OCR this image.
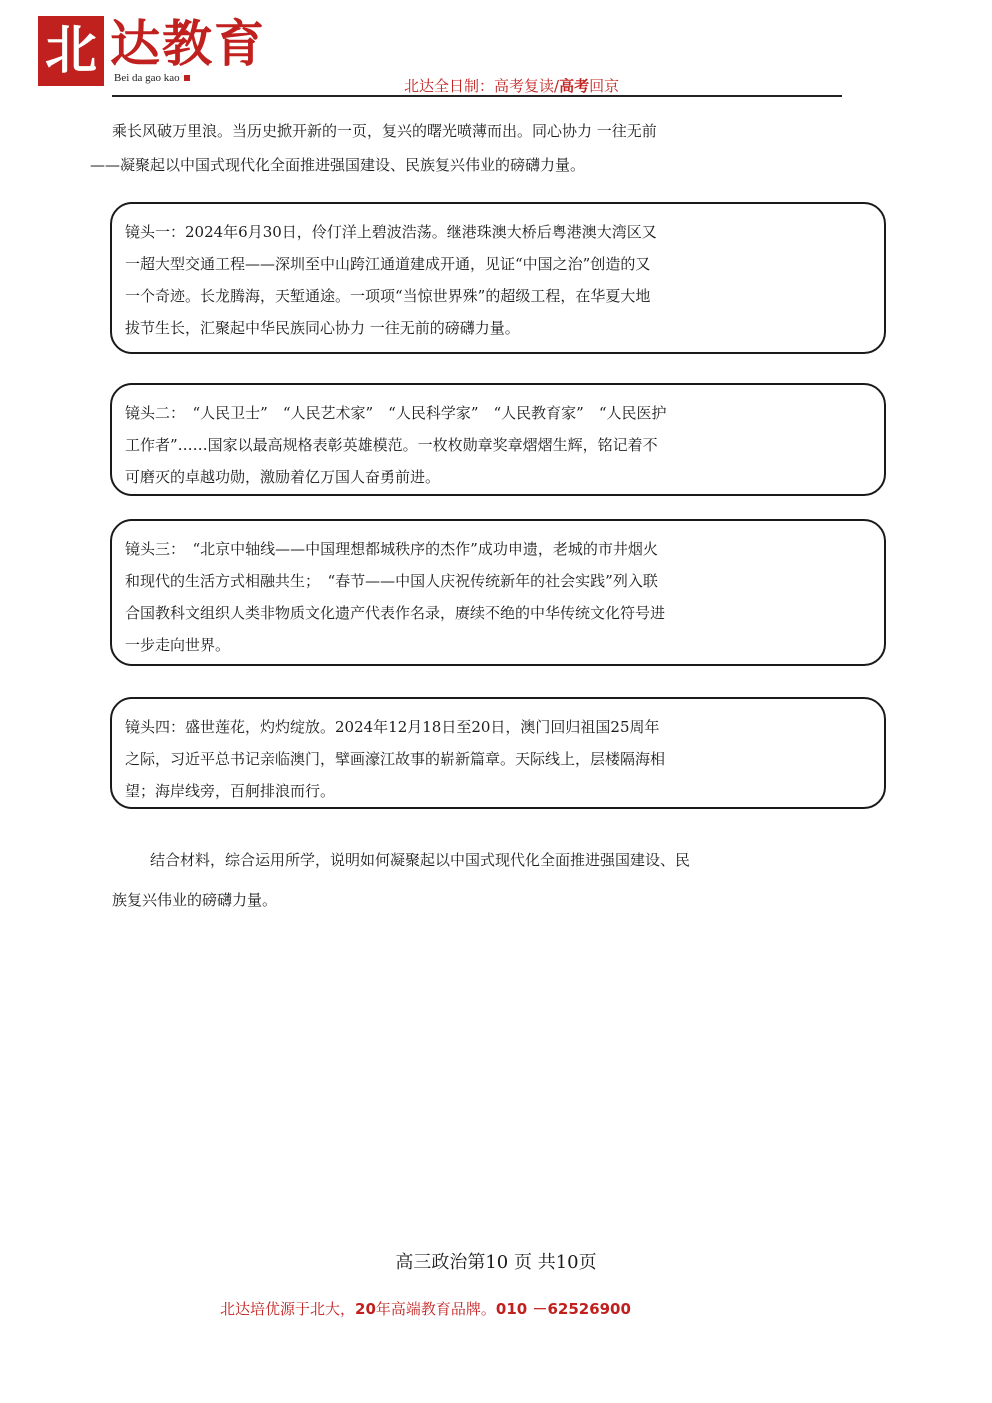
北 达教育
Bei da gao kao	北达全日制：高考复读/高考回京

乘长风破万里浪。当历史掀开新的一页，复兴的曙光喷薄而出。同心协力 一往无前

——凝聚起以中国式现代化全面推进强国建设、民族复兴伟业的磅礴力量。

镜头一：2024年6月30日，伶仃洋上碧波浩荡。继港珠澳大桥后粤港澳大湾区又

一超大型交通工程——深圳至中山跨江通道建成开通，见证“中国之治”创造的又

一个奇迹。长龙腾海，天堑通途。一项项“当惊世界殊”的超级工程，在华夏大地

拔节生长，汇聚起中华民族同心协力 一往无前的磅礴力量。

镜头二：　“人民卫士”　“人民艺术家”　“人民科学家”　“人民教育家”　“人民医护

工作者”……国家以最高规格表彰英雄模范。一枚枚勋章奖章熠熠生辉，铭记着不

可磨灭的卓越功勋，激励着亿万国人奋勇前进。

镜头三：　“北京中轴线——中国理想都城秩序的杰作”成功申遗，老城的市井烟火

和现代的生活方式相融共生；　“春节——中国人庆祝传统新年的社会实践”列入联

合国教科文组织人类非物质文化遗产代表作名录，赓续不绝的中华传统文化符号进

一步走向世界。

镜头四：盛世莲花，灼灼绽放。2024年12月18日至20日，澳门回归祖国25周年

之际，习近平总书记亲临澳门，擘画濠江故事的崭新篇章。天际线上，层楼隔海相

望；海岸线旁，百舸排浪而行。

结合材料，综合运用所学，说明如何凝聚起以中国式现代化全面推进强国建设、民

族复兴伟业的磅礴力量。

高三政治第10 页 共10页
北达培优源于北大，20年高端教育品牌。010 －62526900
